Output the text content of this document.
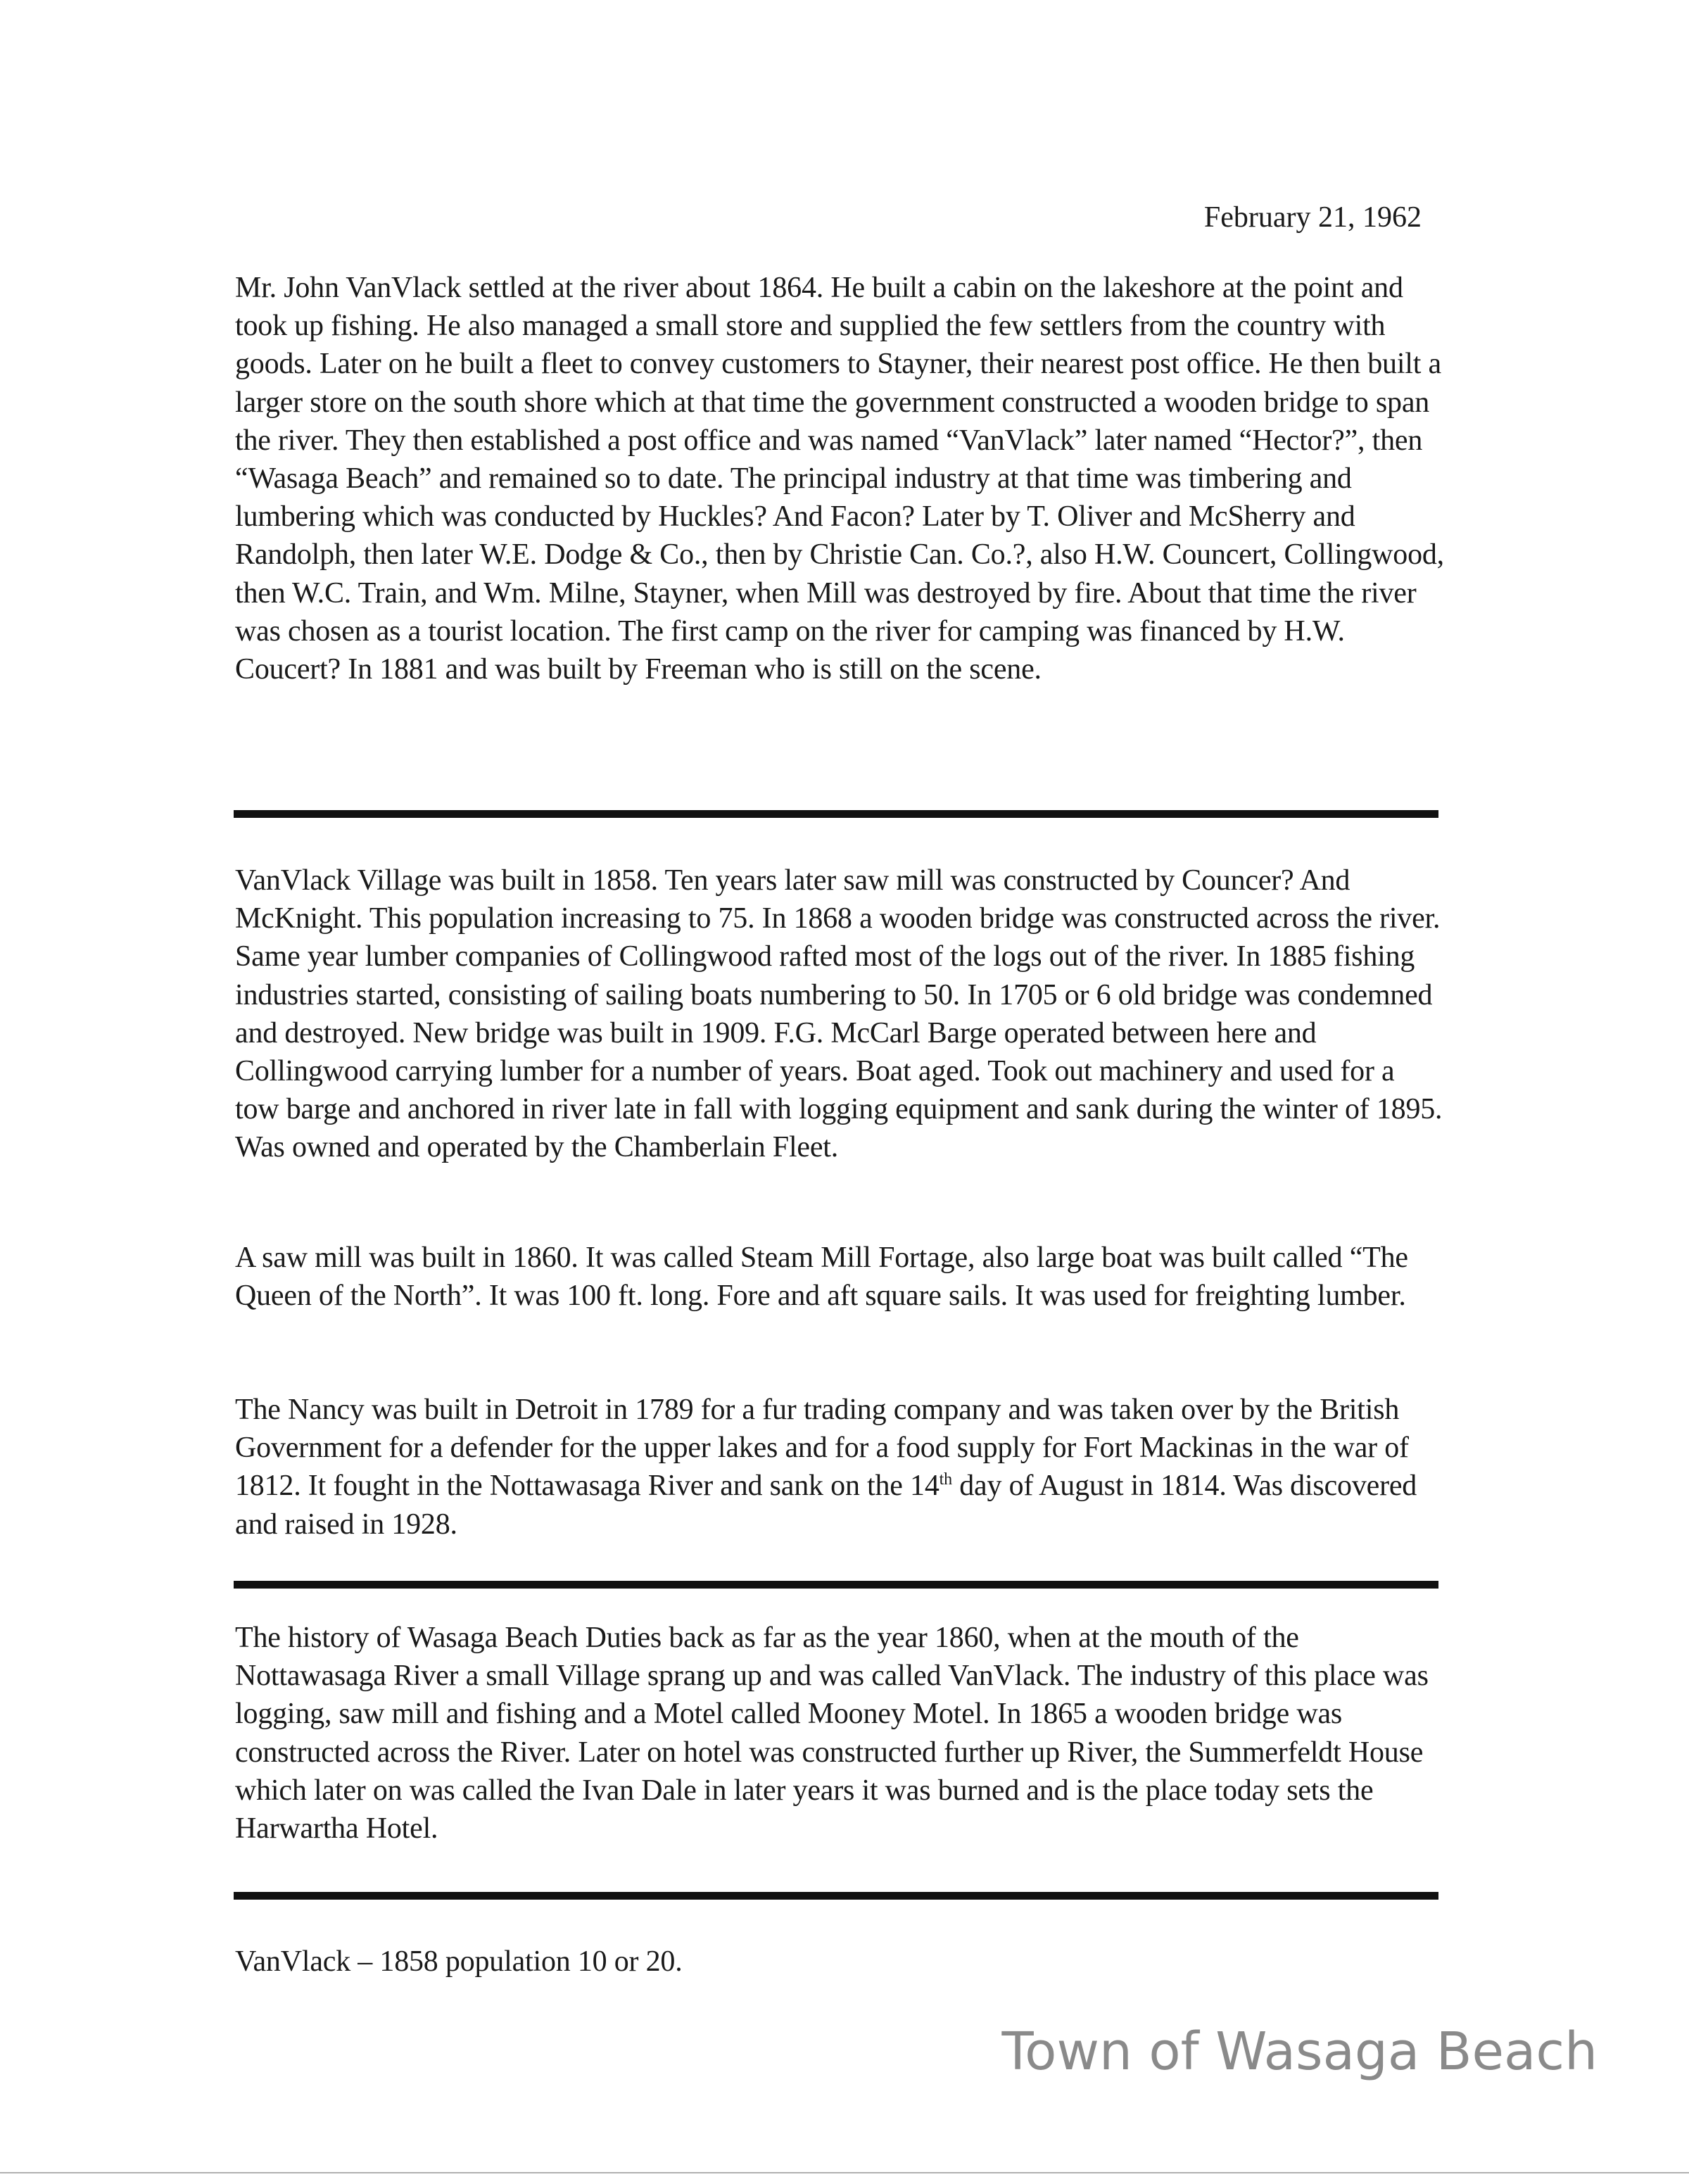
February 21, 1962

Mr. John VanVlack settled at the river about 1864. He built a cabin on the lakeshore at the point and took up fishing. He also managed a small store and supplied the few settlers from the country with goods. Later on he built a fleet to convey customers to Stayner, their nearest post office. He then built a larger store on the south shore which at that time the government constructed a wooden bridge to span the river. They then established a post office and was named “VanVlack” later named “Hector?”, then “Wasaga Beach” and remained so to date. The principal industry at that time was timbering and lumbering which was conducted by Huckles? And Facon? Later by T. Oliver and McSherry and Randolph, then later W.E. Dodge & Co., then by Christie Can. Co.?, also H.W. Councert, Collingwood, then W.C. Train, and Wm. Milne, Stayner, when Mill was destroyed by fire. About that time the river was chosen as a tourist location. The first camp on the river for camping was financed by H.W. Coucert? In 1881 and was built by Freeman who is still on the scene.

VanVlack Village was built in 1858. Ten years later saw mill was constructed by Councer? And McKnight. This population increasing to 75. In 1868 a wooden bridge was constructed across the river. Same year lumber companies of Collingwood rafted most of the logs out of the river. In 1885 fishing industries started, consisting of sailing boats numbering to 50. In 1705 or 6 old bridge was condemned and destroyed. New bridge was built in 1909. F.G. McCarl Barge operated between here and Collingwood carrying lumber for a number of years. Boat aged. Took out machinery and used for a tow barge and anchored in river late in fall with logging equipment and sank during the winter of 1895. Was owned and operated by the Chamberlain Fleet.

A saw mill was built in 1860. It was called Steam Mill Fortage, also large boat was built called “The Queen of the North”. It was 100 ft. long. Fore and aft square sails. It was used for freighting lumber.

The Nancy was built in Detroit in 1789 for a fur trading company and was taken over by the British Government for a defender for the upper lakes and for a food supply for Fort Mackinas in the war of 1812. It fought in the Nottawasaga River and sank on the 14th day of August in 1814. Was discovered and raised in 1928.

The history of Wasaga Beach Duties back as far as the year 1860, when at the mouth of the Nottawasaga River a small Village sprang up and was called VanVlack. The industry of this place was logging, saw mill and fishing and a Motel called Mooney Motel. In 1865 a wooden bridge was constructed across the River. Later on hotel was constructed further up River, the Summerfeldt House which later on was called the Ivan Dale in later years it was burned and is the place today sets the Harwartha Hotel.

VanVlack – 1858 population 10 or 20.

Town of Wasaga Beach
